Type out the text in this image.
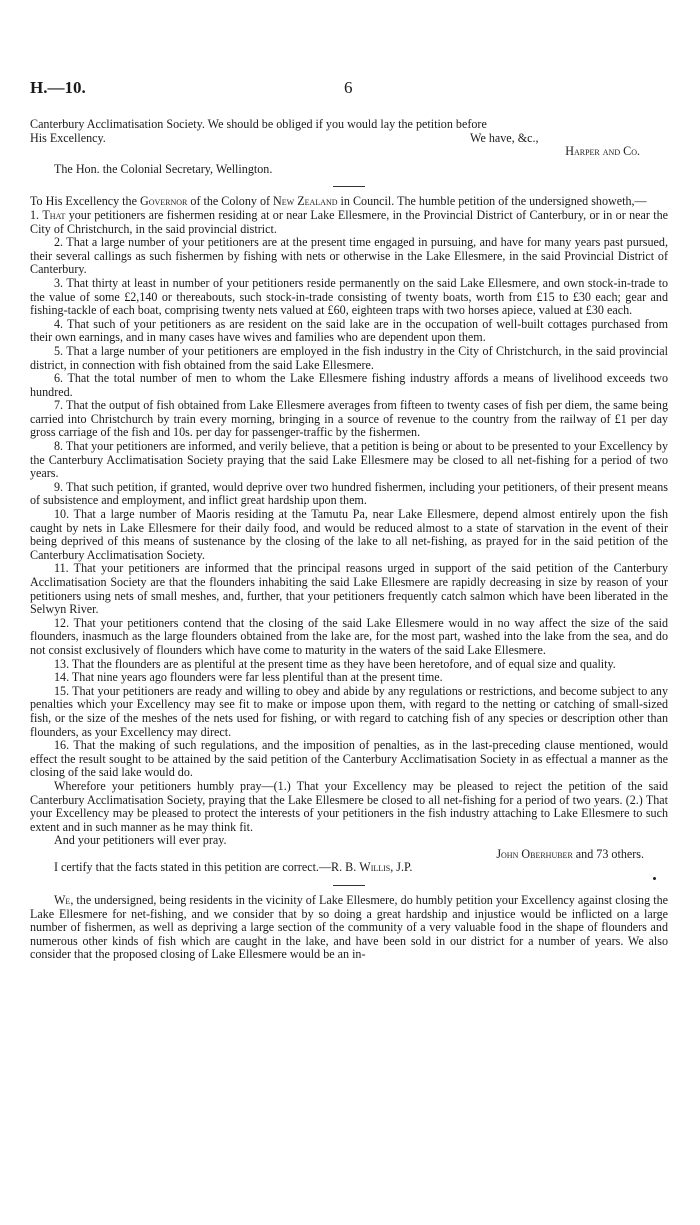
H.—10.	6

Canterbury Acclimatisation Society. We should be obliged if you would lay the petition before

His Excellency.	We have, &c.,

Harper and Co.

The Hon. the Colonial Secretary, Wellington.

To His Excellency the Governor of the Colony of New Zealand in Council. The humble petition of the undersigned showeth,—

1. That your petitioners are fishermen residing at or near Lake Ellesmere, in the Provincial District of Canterbury, or in or near the City of Christchurch, in the said provincial district.

2. That a large number of your petitioners are at the present time engaged in pursuing, and have for many years past pursued, their several callings as such fishermen by fishing with nets or otherwise in the Lake Ellesmere, in the said Provincial District of Canterbury.

3. That thirty at least in number of your petitioners reside permanently on the said Lake Ellesmere, and own stock-in-trade to the value of some £2,140 or thereabouts, such stock-in-trade consisting of twenty boats, worth from £15 to £30 each; gear and fishing-tackle of each boat, comprising twenty nets valued at £60, eighteen traps with two horses apiece, valued at £30 each.

4. That such of your petitioners as are resident on the said lake are in the occupation of well-built cottages purchased from their own earnings, and in many cases have wives and families who are dependent upon them.

5. That a large number of your petitioners are employed in the fish industry in the City of Christchurch, in the said provincial district, in connection with fish obtained from the said Lake Ellesmere.

6. That the total number of men to whom the Lake Ellesmere fishing industry affords a means of livelihood exceeds two hundred.

7. That the output of fish obtained from Lake Ellesmere averages from fifteen to twenty cases of fish per diem, the same being carried into Christchurch by train every morning, bringing in a source of revenue to the country from the railway of £1 per day gross carriage of the fish and 10s. per day for passenger-traffic by the fishermen.

8. That your petitioners are informed, and verily believe, that a petition is being or about to be presented to your Excellency by the Canterbury Acclimatisation Society praying that the said Lake Ellesmere may be closed to all net-fishing for a period of two years.

9. That such petition, if granted, would deprive over two hundred fishermen, including your petitioners, of their present means of subsistence and employment, and inflict great hardship upon them.

10. That a large number of Maoris residing at the Tamutu Pa, near Lake Ellesmere, depend almost entirely upon the fish caught by nets in Lake Ellesmere for their daily food, and would be reduced almost to a state of starvation in the event of their being deprived of this means of sustenance by the closing of the lake to all net-fishing, as prayed for in the said petition of the Canterbury Acclimatisation Society.

11. That your petitioners are informed that the principal reasons urged in support of the said petition of the Canterbury Acclimatisation Society are that the flounders inhabiting the said Lake Ellesmere are rapidly decreasing in size by reason of your petitioners using nets of small meshes, and, further, that your petitioners frequently catch salmon which have been liberated in the Selwyn River.

12. That your petitioners contend that the closing of the said Lake Ellesmere would in no way affect the size of the said flounders, inasmuch as the large flounders obtained from the lake are, for the most part, washed into the lake from the sea, and do not consist exclusively of flounders which have come to maturity in the waters of the said Lake Ellesmere.

13. That the flounders are as plentiful at the present time as they have been heretofore, and of equal size and quality.

14. That nine years ago flounders were far less plentiful than at the present time.

15. That your petitioners are ready and willing to obey and abide by any regulations or restrictions, and become subject to any penalties which your Excellency may see fit to make or impose upon them, with regard to the netting or catching of small-sized fish, or the size of the meshes of the nets used for fishing, or with regard to catching fish of any species or description other than flounders, as your Excellency may direct.

16. That the making of such regulations, and the imposition of penalties, as in the last-preceding clause mentioned, would effect the result sought to be attained by the said petition of the Canterbury Acclimatisation Society in as effectual a manner as the closing of the said lake would do.

Wherefore your petitioners humbly pray—(1.) That your Excellency may be pleased to reject the petition of the said Canterbury Acclimatisation Society, praying that the Lake Ellesmere be closed to all net-fishing for a period of two years. (2.) That your Excellency may be pleased to protect the interests of your petitioners in the fish industry attaching to Lake Ellesmere to such extent and in such manner as he may think fit.

And your petitioners will ever pray.

John Oberhuber and 73 others.

I certify that the facts stated in this petition are correct.—R. B. Willis, J.P.

We, the undersigned, being residents in the vicinity of Lake Ellesmere, do humbly petition your Excellency against closing the Lake Ellesmere for net-fishing, and we consider that by so doing a great hardship and injustice would be inflicted on a large number of fishermen, as well as depriving a large section of the community of a very valuable food in the shape of flounders and numerous other kinds of fish which are caught in the lake, and have been sold in our district for a number of years. We also consider that the proposed closing of Lake Ellesmere would be an in-
